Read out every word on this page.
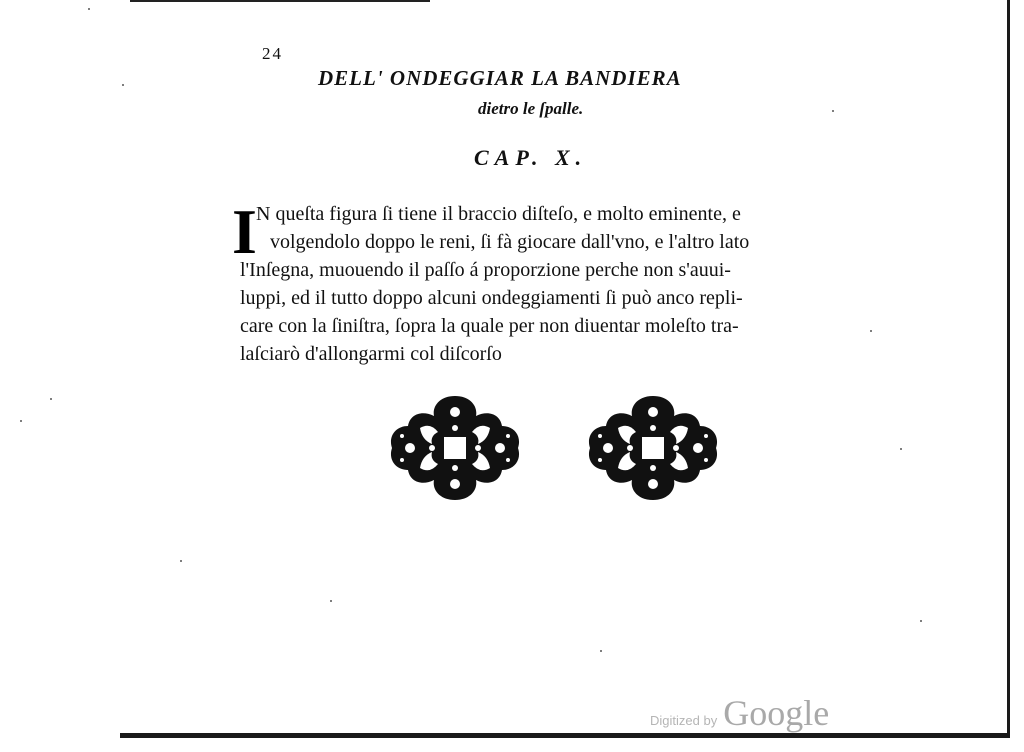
24
DELL' ONDEGGIAR LA BANDIERA
dietro le ſpalle.
CAP. X.
I N queſta figura ſi tiene il braccio diſteſo, e molto eminente, e
volgendolo doppo le reni, ſi fà giocare dall'vno, e l'altro lato
l'Inſegna, muouendo il paſſo á proporzione perche non s'auui-
luppi, ed il tutto doppo alcuni ondeggiamenti ſi può anco repli-
care con la ſiniſtra, ſopra la quale per non diuentar moleſto tra-
laſciarò d'allongarmi col diſcorſo
Digitized by Google
